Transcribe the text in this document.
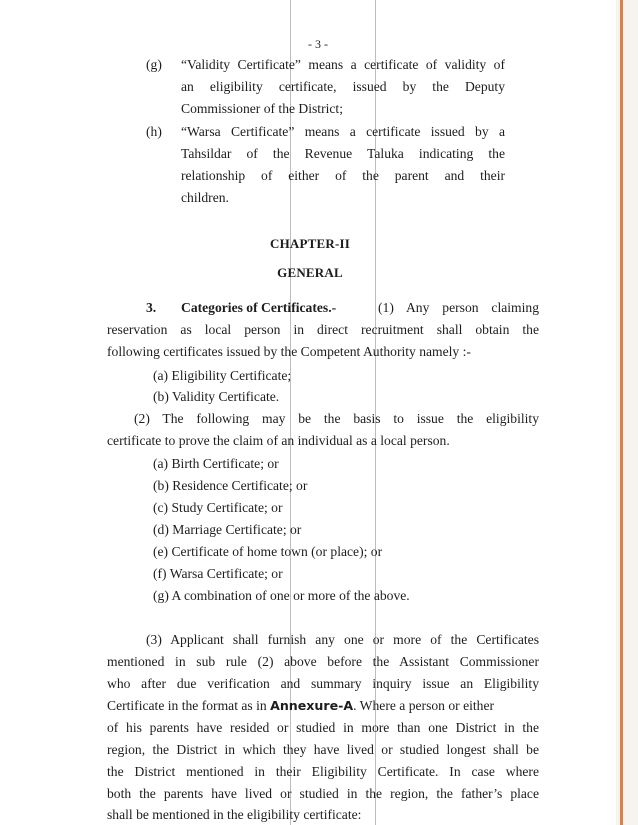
- 3 -
(g) “Validity Certificate” means a certificate of validity of
an eligibility certificate, issued by the Deputy
Commissioner of the District;
(h) “Warsa Certificate” means a certificate issued by a
Tahsildar of the Revenue Taluka indicating the
relationship of either of the parent and their
children.
CHAPTER-II
GENERAL
3. Categories of Certificates.-	(1) Any person claiming
reservation as local person in direct recruitment shall obtain the
following certificates issued by the Competent Authority namely :-
(a) Eligibility Certificate;
(b) Validity Certificate.
(2) The following may be the basis to issue the eligibility
certificate to prove the claim of an individual as a local person.
(a) Birth Certificate; or
(b) Residence Certificate; or
(c) Study Certificate; or
(d) Marriage Certificate; or
(e) Certificate of home town (or place); or
(f) Warsa Certificate; or
(g) A combination of one or more of the above.
(3) Applicant shall furnish any one or more of the Certificates
mentioned in sub rule (2) above before the Assistant Commissioner
who after due verification and summary inquiry issue an Eligibility
Certificate in the format as in Annexure-A. Where a person or either
of his parents have resided or studied in more than one District in the
region, the District in which they have lived or studied longest shall be
the District mentioned in their Eligibility Certificate. In case where
both the parents have lived or studied in the region, the father’s place
shall be mentioned in the eligibility certificate:
